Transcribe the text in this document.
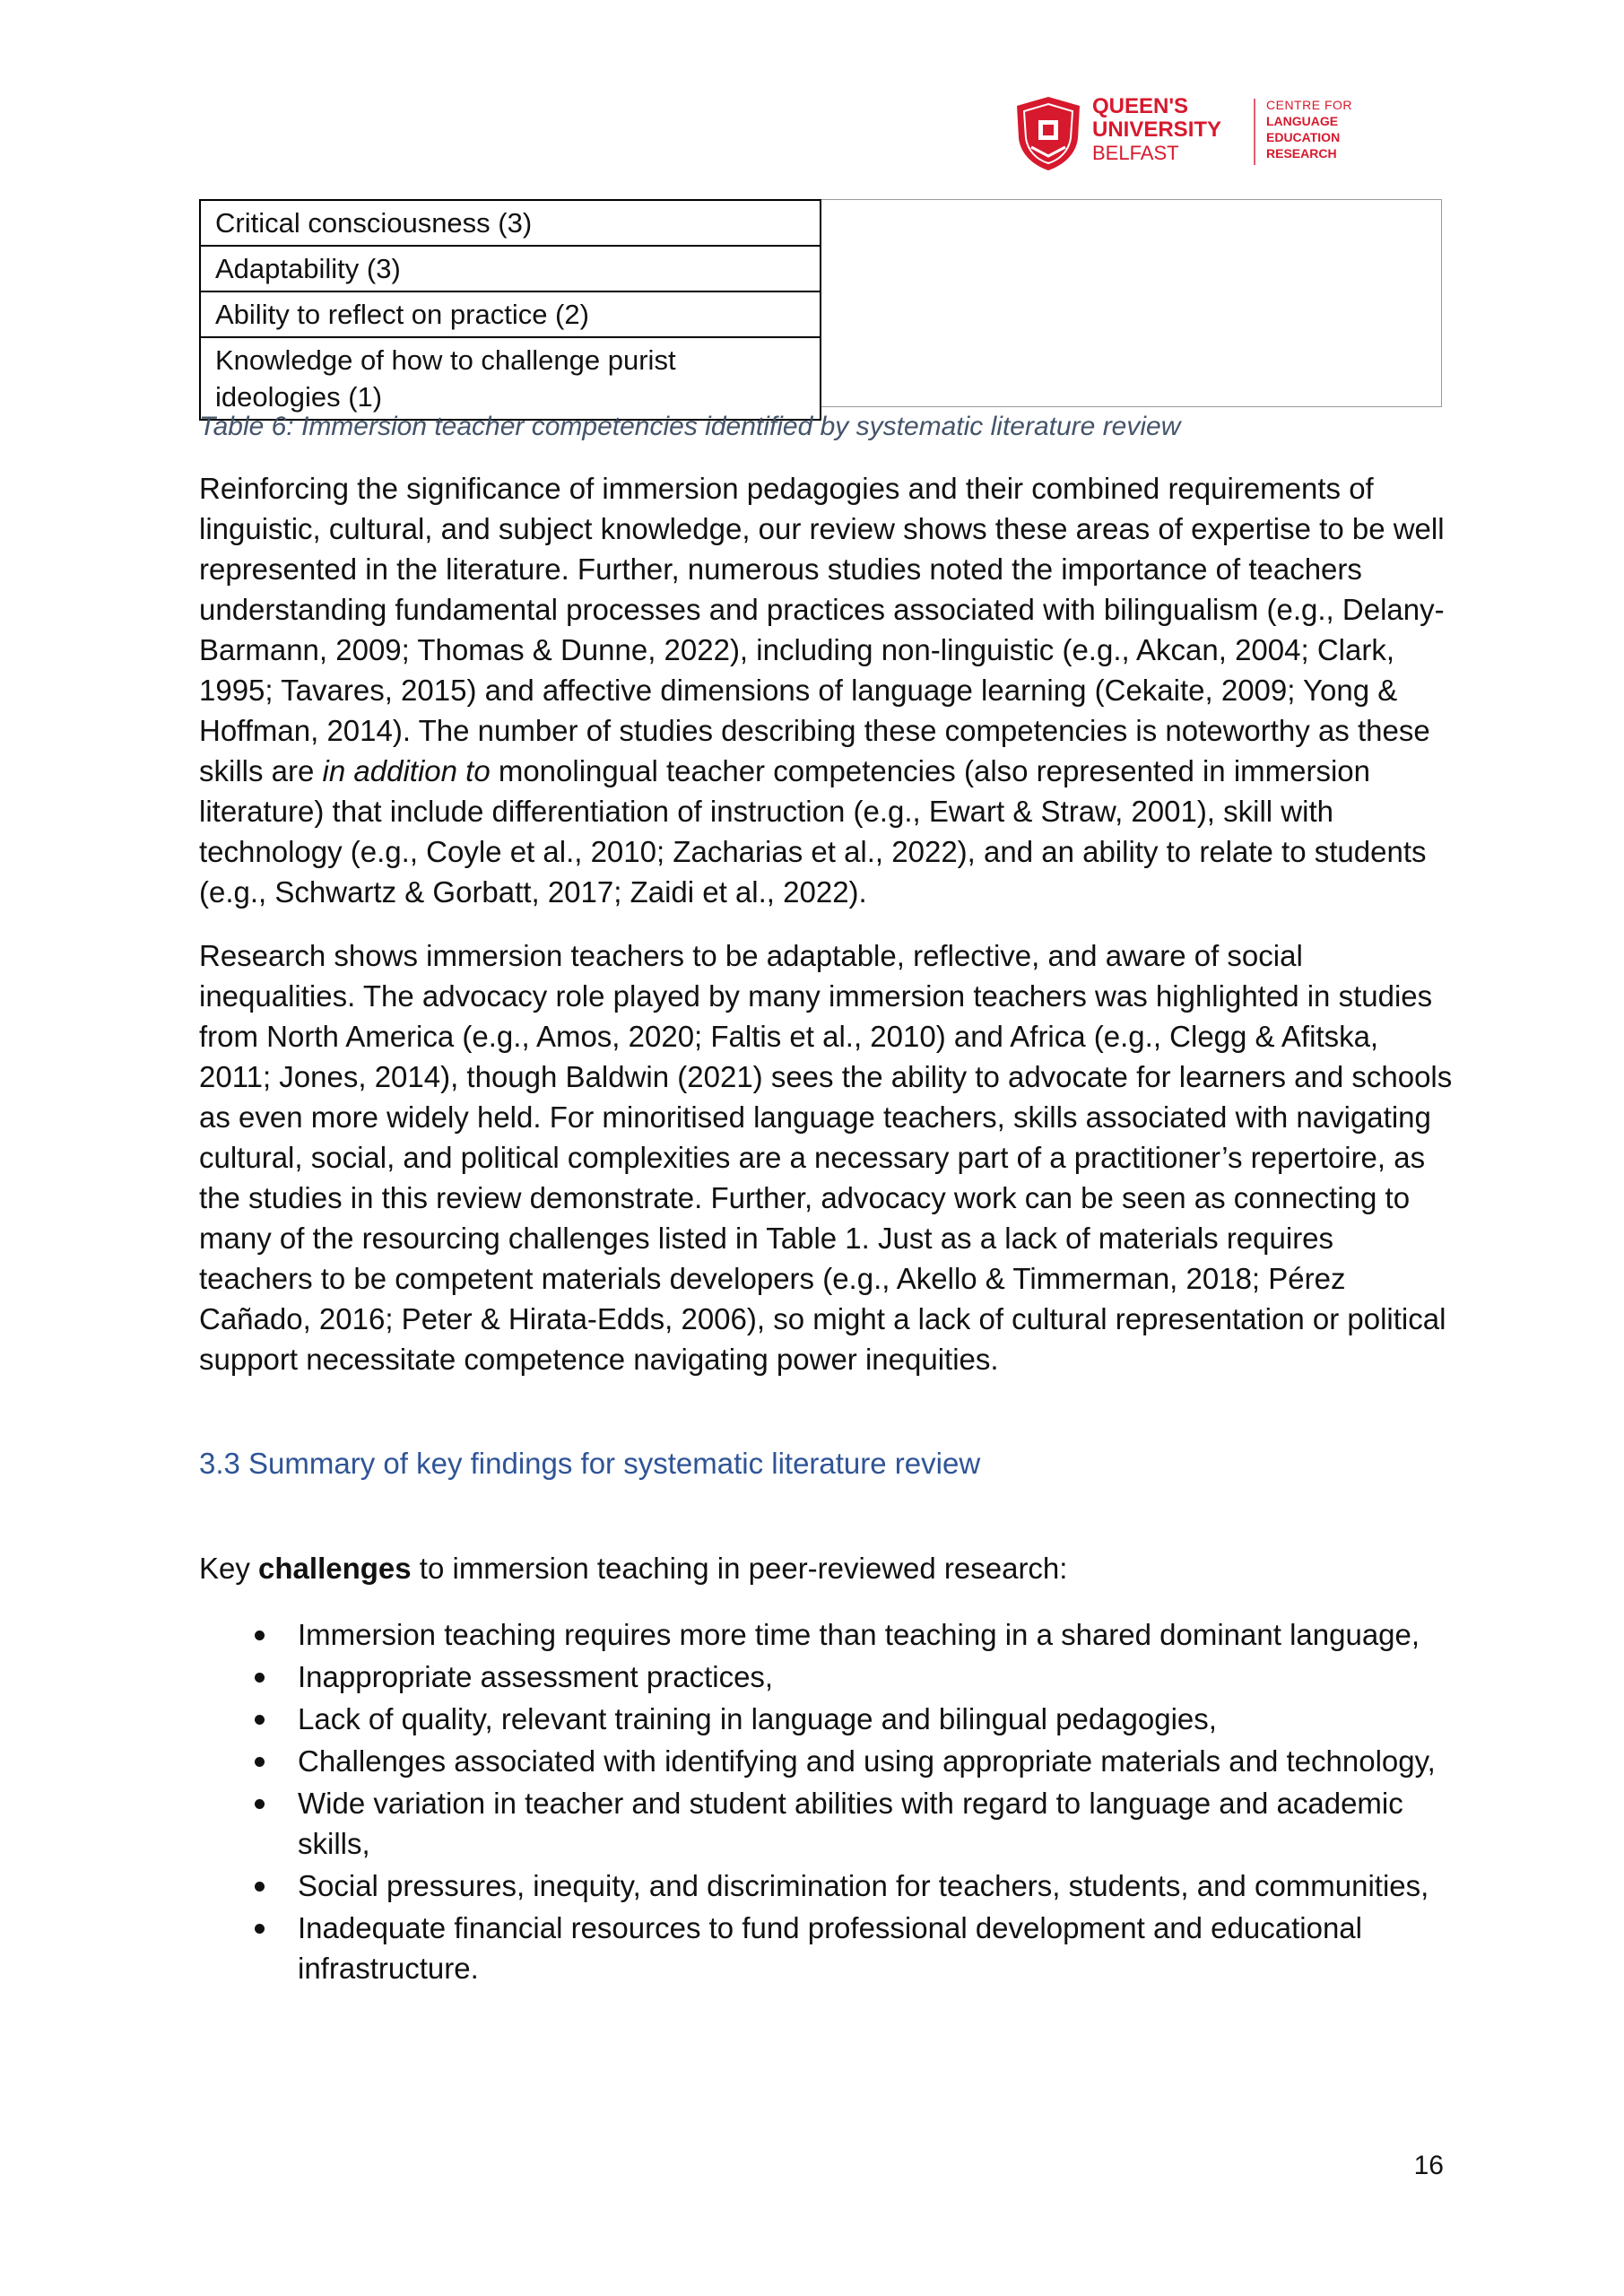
QUEEN'S
UNIVERSITY
BELFAST
CENTRE FOR
LANGUAGE
EDUCATION
RESEARCH
Critical consciousness (3)
Adaptability (3)
Ability to reflect on practice (2)
Knowledge of how to challenge purist ideologies (1)
Table 6: Immersion teacher competencies identified by systematic literature review

Reinforcing the significance of immersion pedagogies and their combined requirements of linguistic, cultural, and subject knowledge, our review shows these areas of expertise to be well represented in the literature. Further, numerous studies noted the importance of teachers understanding fundamental processes and practices associated with bilingualism (e.g., Delany-Barmann, 2009; Thomas & Dunne, 2022), including non-linguistic (e.g., Akcan, 2004; Clark, 1995; Tavares, 2015) and affective dimensions of language learning (Cekaite, 2009; Yong & Hoffman, 2014). The number of studies describing these competencies is noteworthy as these skills are in addition to monolingual teacher competencies (also represented in immersion literature) that include differentiation of instruction (e.g., Ewart & Straw, 2001), skill with technology (e.g., Coyle et al., 2010; Zacharias et al., 2022), and an ability to relate to students (e.g., Schwartz & Gorbatt, 2017; Zaidi et al., 2022).

Research shows immersion teachers to be adaptable, reflective, and aware of social inequalities. The advocacy role played by many immersion teachers was highlighted in studies from North America (e.g., Amos, 2020; Faltis et al., 2010) and Africa (e.g., Clegg & Afitska, 2011; Jones, 2014), though Baldwin (2021) sees the ability to advocate for learners and schools as even more widely held. For minoritised language teachers, skills associated with navigating cultural, social, and political complexities are a necessary part of a practitioner’s repertoire, as the studies in this review demonstrate. Further, advocacy work can be seen as connecting to many of the resourcing challenges listed in Table 1. Just as a lack of materials requires teachers to be competent materials developers (e.g., Akello & Timmerman, 2018; Pérez Cañado, 2016; Peter & Hirata-Edds, 2006), so might a lack of cultural representation or political support necessitate competence navigating power inequities.

3.3 Summary of key findings for systematic literature review

Key challenges to immersion teaching in peer-reviewed research:

Immersion teaching requires more time than teaching in a shared dominant language,
Inappropriate assessment practices,
Lack of quality, relevant training in language and bilingual pedagogies,
Challenges associated with identifying and using appropriate materials and technology,
Wide variation in teacher and student abilities with regard to language and academic skills,
Social pressures, inequity, and discrimination for teachers, students, and communities,
Inadequate financial resources to fund professional development and educational infrastructure.
16
